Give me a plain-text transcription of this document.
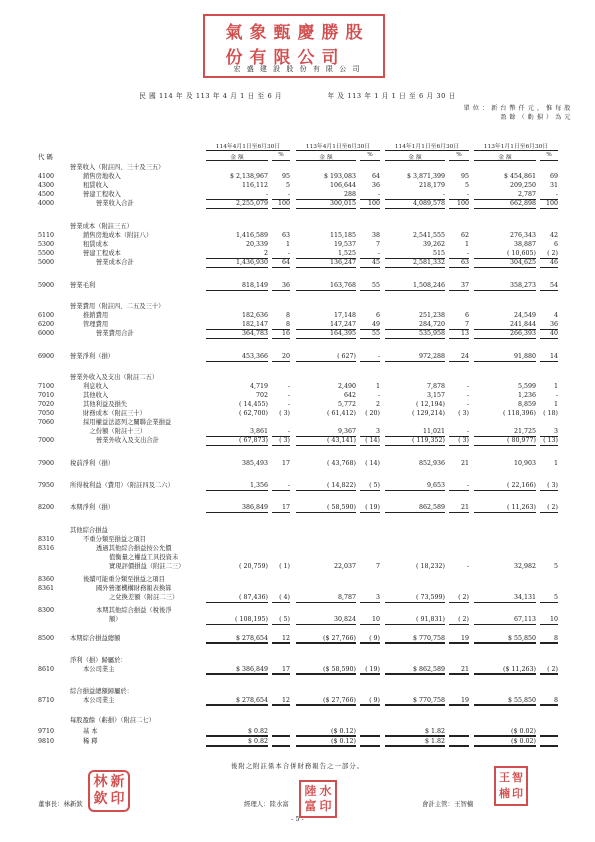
氣 象 甄 慶 勝 股
份 有 限 公 司
宏 盛 建 設 股 份 有 限 公 司
民 國 114 年 及 113 年 4 月 1 日 至 6 月	年 及 113 年 1 月 1 日 至 6 月 30 日
單 位 ： 新 台 幣 仟 元 ， 惟 每 股
盈 餘 （ 虧 損 ） 為 元
114年4月1日至6月30日	113年4月1日至6月30日	114年1月1日至6月30日	113年1月1日至6月30日
代 碼	金 額	金 額	金 額	金 額
%	%	%	%
營業收入（附註四、三十及三五）
4100	銷售房地收入	$ 2,138,967	95	$ 193,083	64	$ 3,871,399	95	$ 454,861	69
4300	租賃收入	116,112	5	106,644	36	218,179	5	209,250	31
4500	營建工程收入	-	-	288	-	-	-	2,787	-
4000	營業收入合計	2,255,079	100	300,015	100	4,089,578	100	662,898	100
營業成本（附註三五）
5110	銷售房地成本（附註八）	1,416,589	63	115,185	38	2,541,555	62	276,343	42
5300	租賃成本	20,339	1	19,537	7	39,262	1	38,887	6
5500	營建工程成本	2	-	1,525	-	515	-	( 10,605)	( 2)
5000	營業成本合計	1,436,930	64	136,247	45	2,581,332	63	304,625	46
5900	營業毛利	818,149	36	163,768	55	1,508,246	37	358,273	54
營業費用（附註四、二五及三十）
6100	推銷費用	182,636	8	17,148	6	251,238	6	24,549	4
6200	管理費用	182,147	8	147,247	49	284,720	7	241,844	36
6000	營業費用合計	364,783	16	164,395	55	535,958	13	266,393	40
6900	營業淨利（損）	453,366	20	( 627)	-	972,288	24	91,880	14
營業外收入及支出（附註二五）
7100	利息收入	4,719	-	2,490	1	7,878	-	5,599	1
7010	其他收入	702	-	642	-	3,157	-	1,236	-
7020	其他利益及損失	( 14,455)	-	5,772	2	( 12,194)	-	8,859	1
7050	財務成本（附註三十）	( 62,700)	( 3)	( 61,412)	( 20)	( 129,214)	( 3)	( 118,396)	( 18)
7060	採用權益法認列之關聯企業損益
之份額（附註十三）	3,861	-	9,367	3	11,021	-	21,725	3
7000	營業外收入及支出合計	( 67,873)	( 3)	( 43,141)	( 14)	( 119,352)	( 3)	( 80,977)	( 13)
7900	稅前淨利（損）	385,493	17	( 43,768)	( 14)	852,936	21	10,903	1
7950	所得稅利益（費用）（附註四及二六）	1,356	-	( 14,822)	( 5)	9,653	-	( 22,166)	( 3)
8200	本期淨利（損）	386,849	17	( 58,590)	( 19)	862,589	21	( 11,263)	( 2)
其他綜合損益
8310	不重分類至損益之項目
8316	透過其他綜合損益按公允價
值衡量之權益工具投資未
實現評價損益（附註二三）	( 20,759)	( 1)	22,037	7	( 18,232)	-	32,982	5
8360	後續可能重分類至損益之項目
8361	國外營運機構財務報表換算
之兌換差額（附註二三）	( 87,436)	( 4)	8,787	3	( 73,599)	( 2)	34,131	5
8300	本期其他綜合損益（稅後淨
額）	( 108,195)	( 5)	30,824	10	( 91,831)	( 2)	67,113	10
8500	本期綜合損益總額	$ 278,654	12	($ 27,766)	( 9)	$ 770,758	19	$ 55,850	8
淨利（損）歸屬於：
8610	本公司業主	$ 386,849	17	($ 58,590)	( 19)	$ 862,589	21	($ 11,263)	( 2)
綜合損益總額歸屬於：
8710	本公司業主	$ 278,654	12	($ 27,766)	( 9)	$ 770,758	19	$ 55,850	8
每股盈餘（虧損）（附註二七）
9710	基 本	$ 0.82	($ 0.12)	$ 1.82	($ 0.02)
9810	稀 釋	$ 0.82	($ 0.12)	$ 1.82	($ 0.02)
後附之附註係本合併財務報告之一部分。
林 新
欽 印	陸 水
富 印
王 智
楠 印
董事長：林新欽	經理人：陸水富	會計主管：王智楠
- 5 -
